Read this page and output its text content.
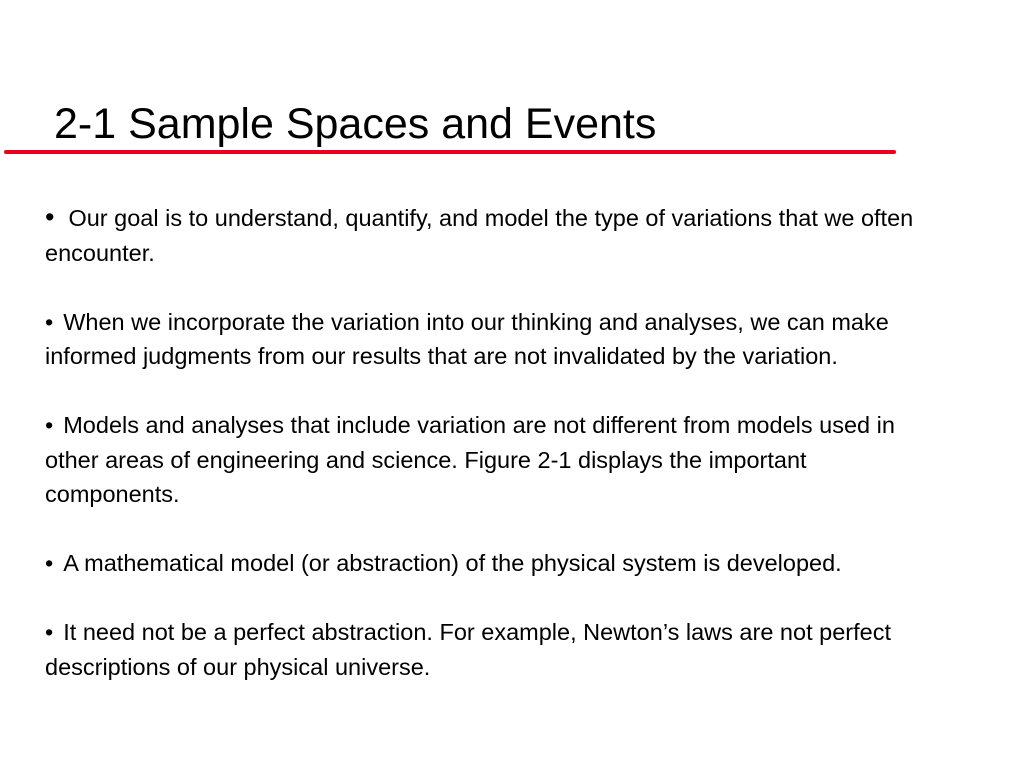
2-1 Sample Spaces and Events
• Our goal is to understand, quantify, and model the type of variations that we often encounter.
• When we incorporate the variation into our thinking and analyses, we can make informed judgments from our results that are not invalidated by the variation.
• Models and analyses that include variation are not different from models used in other areas of engineering and science. Figure 2-1 displays the important components.
• A mathematical model (or abstraction) of the physical system is developed.
• It need not be a perfect abstraction. For example, Newton’s laws are not perfect descriptions of our physical universe.
